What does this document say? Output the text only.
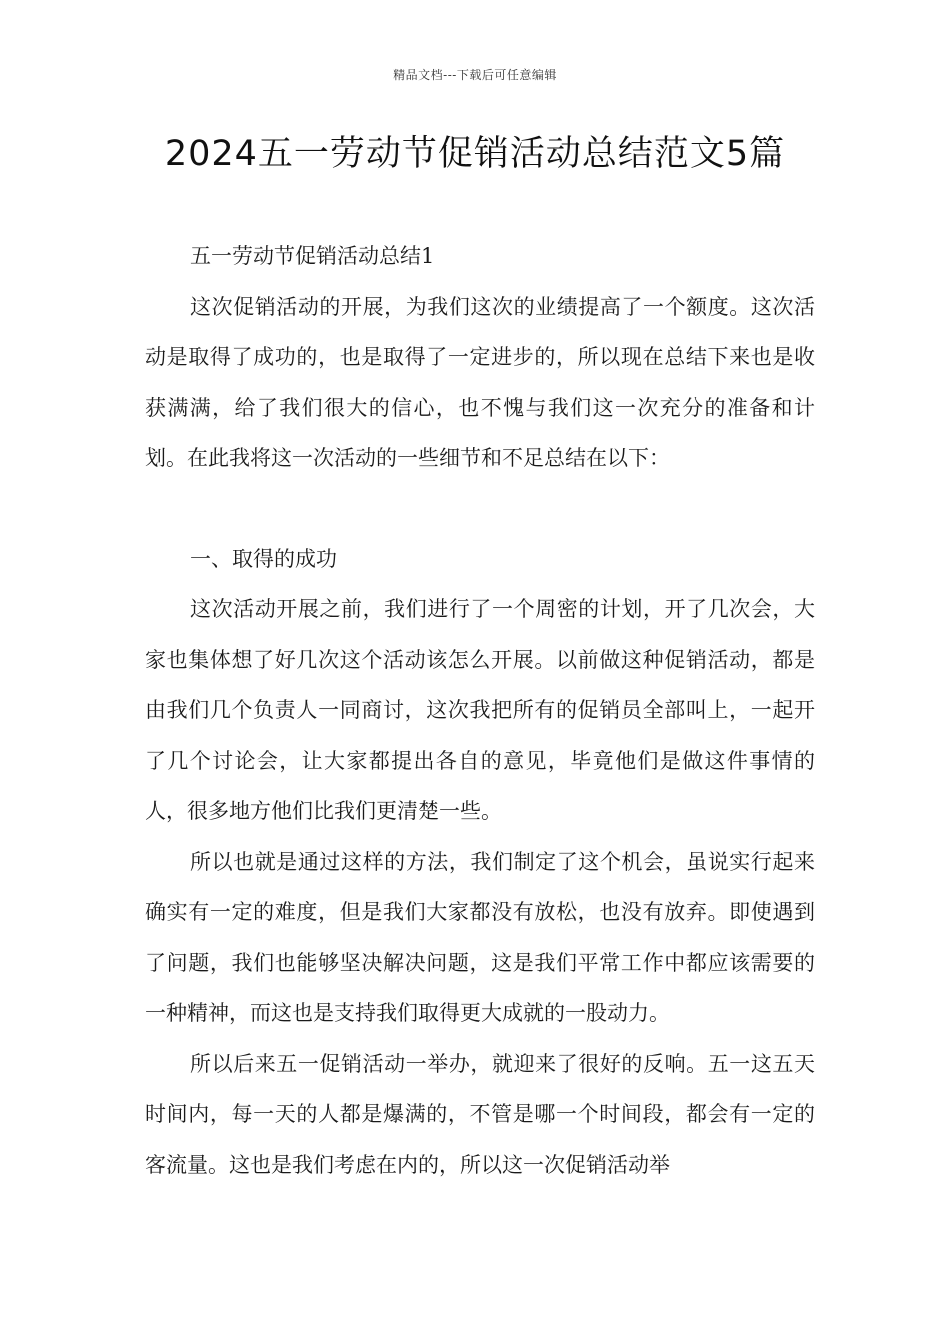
精品文档---下载后可任意编辑
2024五一劳动节促销活动总结范文5篇

五一劳动节促销活动总结1

这次促销活动的开展，为我们这次的业绩提高了一个额度。这次活动是取得了成功的，也是取得了一定进步的，所以现在总结下来也是收获满满，给了我们很大的信心，也不愧与我们这一次充分的准备和计划。在此我将这一次活动的一些细节和不足总结在以下：

一、取得的成功

这次活动开展之前，我们进行了一个周密的计划，开了几次会，大家也集体想了好几次这个活动该怎么开展。以前做这种促销活动，都是由我们几个负责人一同商讨，这次我把所有的促销员全部叫上，一起开了几个讨论会，让大家都提出各自的意见，毕竟他们是做这件事情的人，很多地方他们比我们更清楚一些。

所以也就是通过这样的方法，我们制定了这个机会，虽说实行起来确实有一定的难度，但是我们大家都没有放松，也没有放弃。即使遇到了问题，我们也能够坚决解决问题，这是我们平常工作中都应该需要的一种精神，而这也是支持我们取得更大成就的一股动力。

所以后来五一促销活动一举办，就迎来了很好的反响。五一这五天时间内，每一天的人都是爆满的，不管是哪一个时间段，都会有一定的客流量。这也是我们考虑在内的，所以这一次促销活动举
